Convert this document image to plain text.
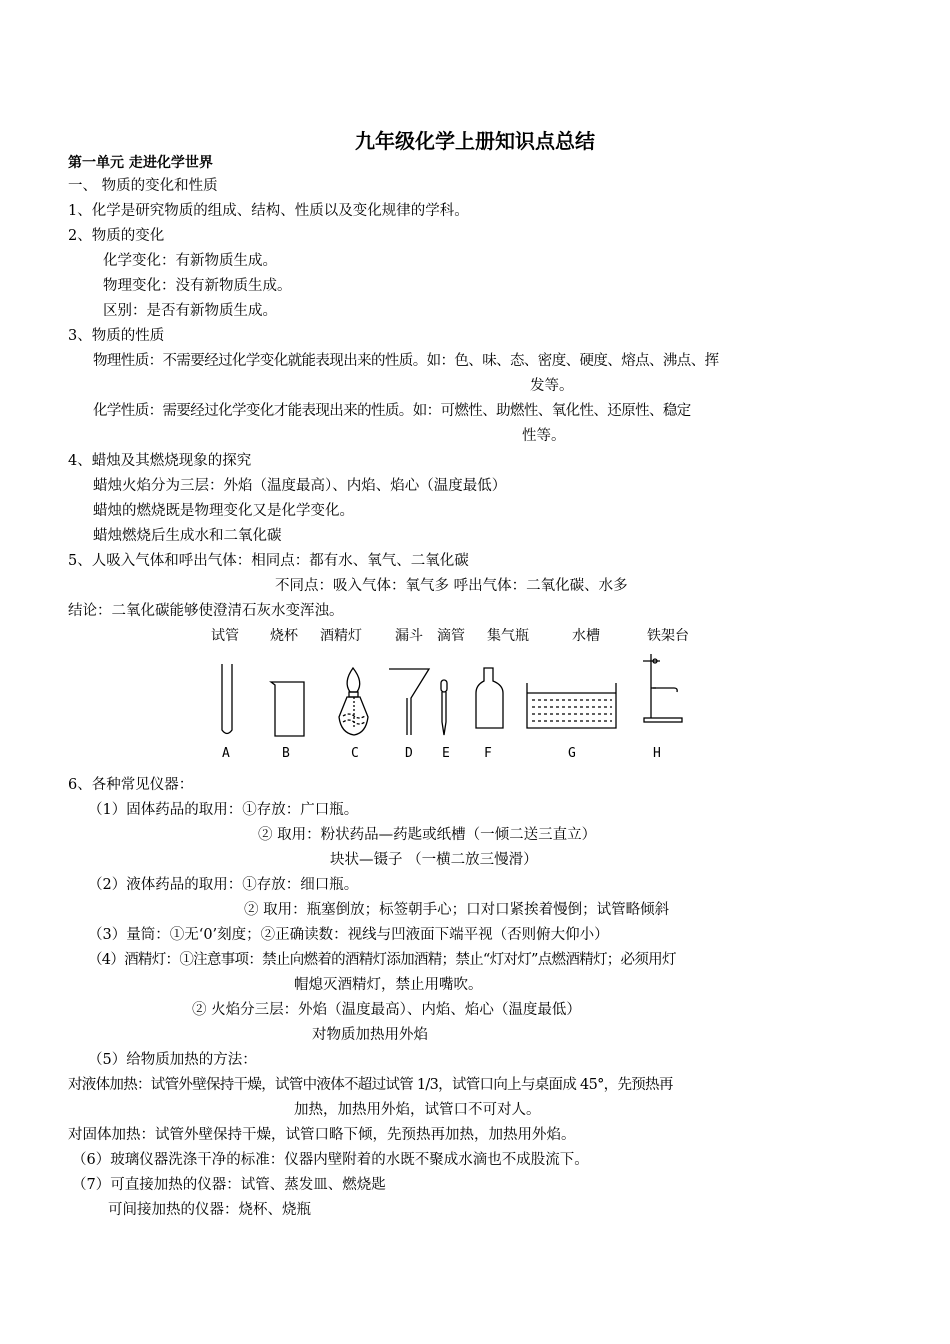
九年级化学上册知识点总结
第一单元 走进化学世界
一、 物质的变化和性质
1、化学是研究物质的组成、结构、性质以及变化规律的学科。
2、物质的变化
化学变化：有新物质生成。
物理变化：没有新物质生成。
区别：是否有新物质生成。
3、物质的性质
物理性质：不需要经过化学变化就能表现出来的性质。如：色、味、态、密度、硬度、熔点、沸点、挥
发等。
化学性质：需要经过化学变化才能表现出来的性质。如：可燃性、助燃性、氧化性、还原性、稳定
性等。
4、蜡烛及其燃烧现象的探究
蜡烛火焰分为三层：外焰（温度最高）、内焰、焰心（温度最低）
蜡烛的燃烧既是物理变化又是化学变化。
蜡烛燃烧后生成水和二氧化碳
5、人吸入气体和呼出气体：相同点：都有水、氧气、二氧化碳
不同点：吸入气体：氧气多 呼出气体：二氧化碳、水多
结论：二氧化碳能够使澄清石灰水变浑浊。
试管 烧杯 酒精灯 漏斗 滴管 集气瓶	水槽	铁架台
A	B	C	D E	F	G	H
6、各种常见仪器：
（1）固体药品的取用：①存放：广口瓶。
② 取用：粉状药品—药匙或纸槽（一倾二送三直立）
块状—镊子 （一横二放三慢滑）
（2）液体药品的取用：①存放：细口瓶。
② 取用：瓶塞倒放；标签朝手心；口对口紧挨着慢倒；试管略倾斜
（3）量筒：①无‘0’刻度；②正确读数：视线与凹液面下端平视（否则俯大仰小）
（4）酒精灯：①注意事项：禁止向燃着的酒精灯添加酒精；禁止“灯对灯”点燃酒精灯；必须用灯
帽熄灭酒精灯，禁止用嘴吹。
② 火焰分三层：外焰（温度最高）、内焰、焰心（温度最低）
对物质加热用外焰
（5）给物质加热的方法：
对液体加热：试管外壁保持干燥，试管中液体不超过试管 1/3，试管口向上与桌面成 45°，先预热再
加热，加热用外焰，试管口不可对人。
对固体加热：试管外壁保持干燥，试管口略下倾，先预热再加热，加热用外焰。
（6）玻璃仪器洗涤干净的标准：仪器内壁附着的水既不聚成水滴也不成股流下。
（7）可直接加热的仪器：试管、蒸发皿、燃烧匙
可间接加热的仪器：烧杯、烧瓶
